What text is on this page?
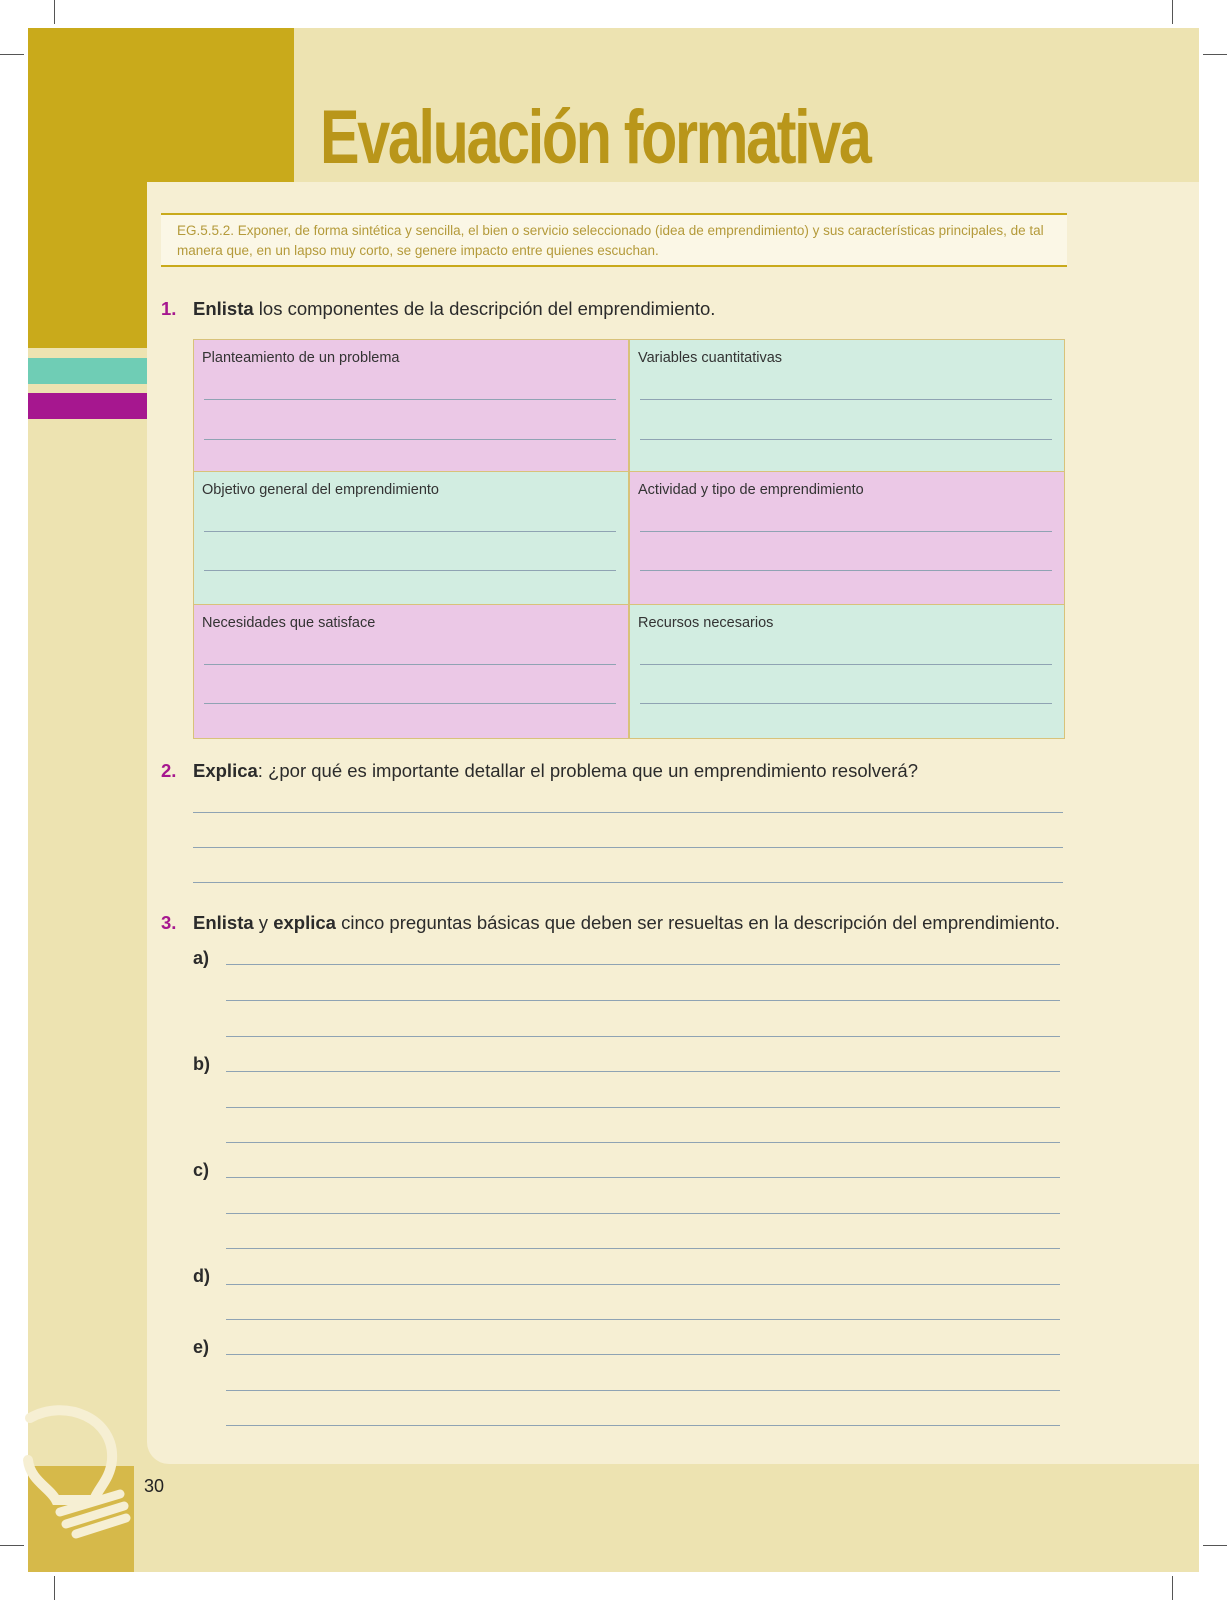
Evaluación formativa
30
EG.5.5.2. Exponer, de forma sintética y sencilla, el bien o servicio seleccionado (idea de emprendimiento) y sus características principales, de tal manera que, en un lapso muy corto, se genere impacto entre quienes escuchan.
1. Enlista los componentes de la descripción del emprendimiento.
Planteamiento de un problema	Variables cuantitativas
Objetivo general del emprendimiento	Actividad y tipo de emprendimiento
Necesidades que satisface	Recursos necesarios
2. Explica: ¿por qué es importante detallar el problema que un emprendimiento resolverá?
3. Enlista y explica cinco preguntas básicas que deben ser resueltas en la descripción del emprendimiento.
a)
b)
c)
d)
e)
